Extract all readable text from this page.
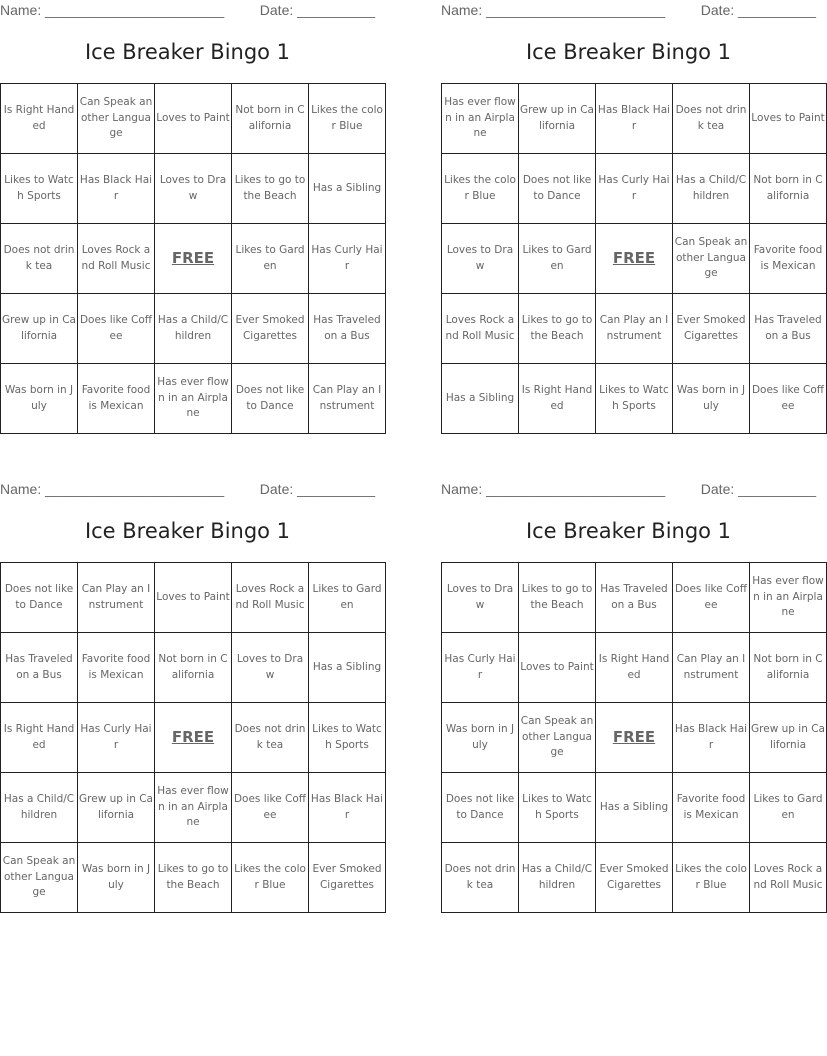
Name: _______________________	Date: __________
Ice Breaker Bingo 1
Is Right Handed	Can Speak another Language	Loves to Paint	Not born in California	Likes the color Blue
Likes to Watch Sports	Has Black Hair	Loves to Draw	Likes to go to the Beach	Has a Sibling
Does not drink tea	Loves Rock and Roll Music	FREE	Likes to Garden	Has Curly Hair
Grew up in California	Does like Coffee	Has a Child/Children	Ever Smoked Cigarettes	Has Traveled on a Bus
Was born in July	Favorite food is Mexican	Has ever flown in an Airplane	Does not like to Dance	Can Play an Instrument
Name: _______________________	Date: __________
Ice Breaker Bingo 1
Has ever flown in an Airplane	Grew up in California	Has Black Hair	Does not drink tea	Loves to Paint
Likes the color Blue	Does not like to Dance	Has Curly Hair	Has a Child/Children	Not born in California
Loves to Draw	Likes to Garden	FREE	Can Speak another Language	Favorite food is Mexican
Loves Rock and Roll Music	Likes to go to the Beach	Can Play an Instrument	Ever Smoked Cigarettes	Has Traveled on a Bus
Has a Sibling	Is Right Handed	Likes to Watch Sports	Was born in July	Does like Coffee
Name: _______________________	Date: __________
Ice Breaker Bingo 1
Does not like to Dance	Can Play an Instrument	Loves to Paint	Loves Rock and Roll Music	Likes to Garden
Has Traveled on a Bus	Favorite food is Mexican	Not born in California	Loves to Draw	Has a Sibling
Is Right Handed	Has Curly Hair	FREE	Does not drink tea	Likes to Watch Sports
Has a Child/Children	Grew up in California	Has ever flown in an Airplane	Does like Coffee	Has Black Hair
Can Speak another Language	Was born in July	Likes to go to the Beach	Likes the color Blue	Ever Smoked Cigarettes
Name: _______________________	Date: __________
Ice Breaker Bingo 1
Loves to Draw	Likes to go to the Beach	Has Traveled on a Bus	Does like Coffee	Has ever flown in an Airplane
Has Curly Hair	Loves to Paint	Is Right Handed	Can Play an Instrument	Not born in California
Was born in July	Can Speak another Language	FREE	Has Black Hair	Grew up in California
Does not like to Dance	Likes to Watch Sports	Has a Sibling	Favorite food is Mexican	Likes to Garden
Does not drink tea	Has a Child/Children	Ever Smoked Cigarettes	Likes the color Blue	Loves Rock and Roll Music
